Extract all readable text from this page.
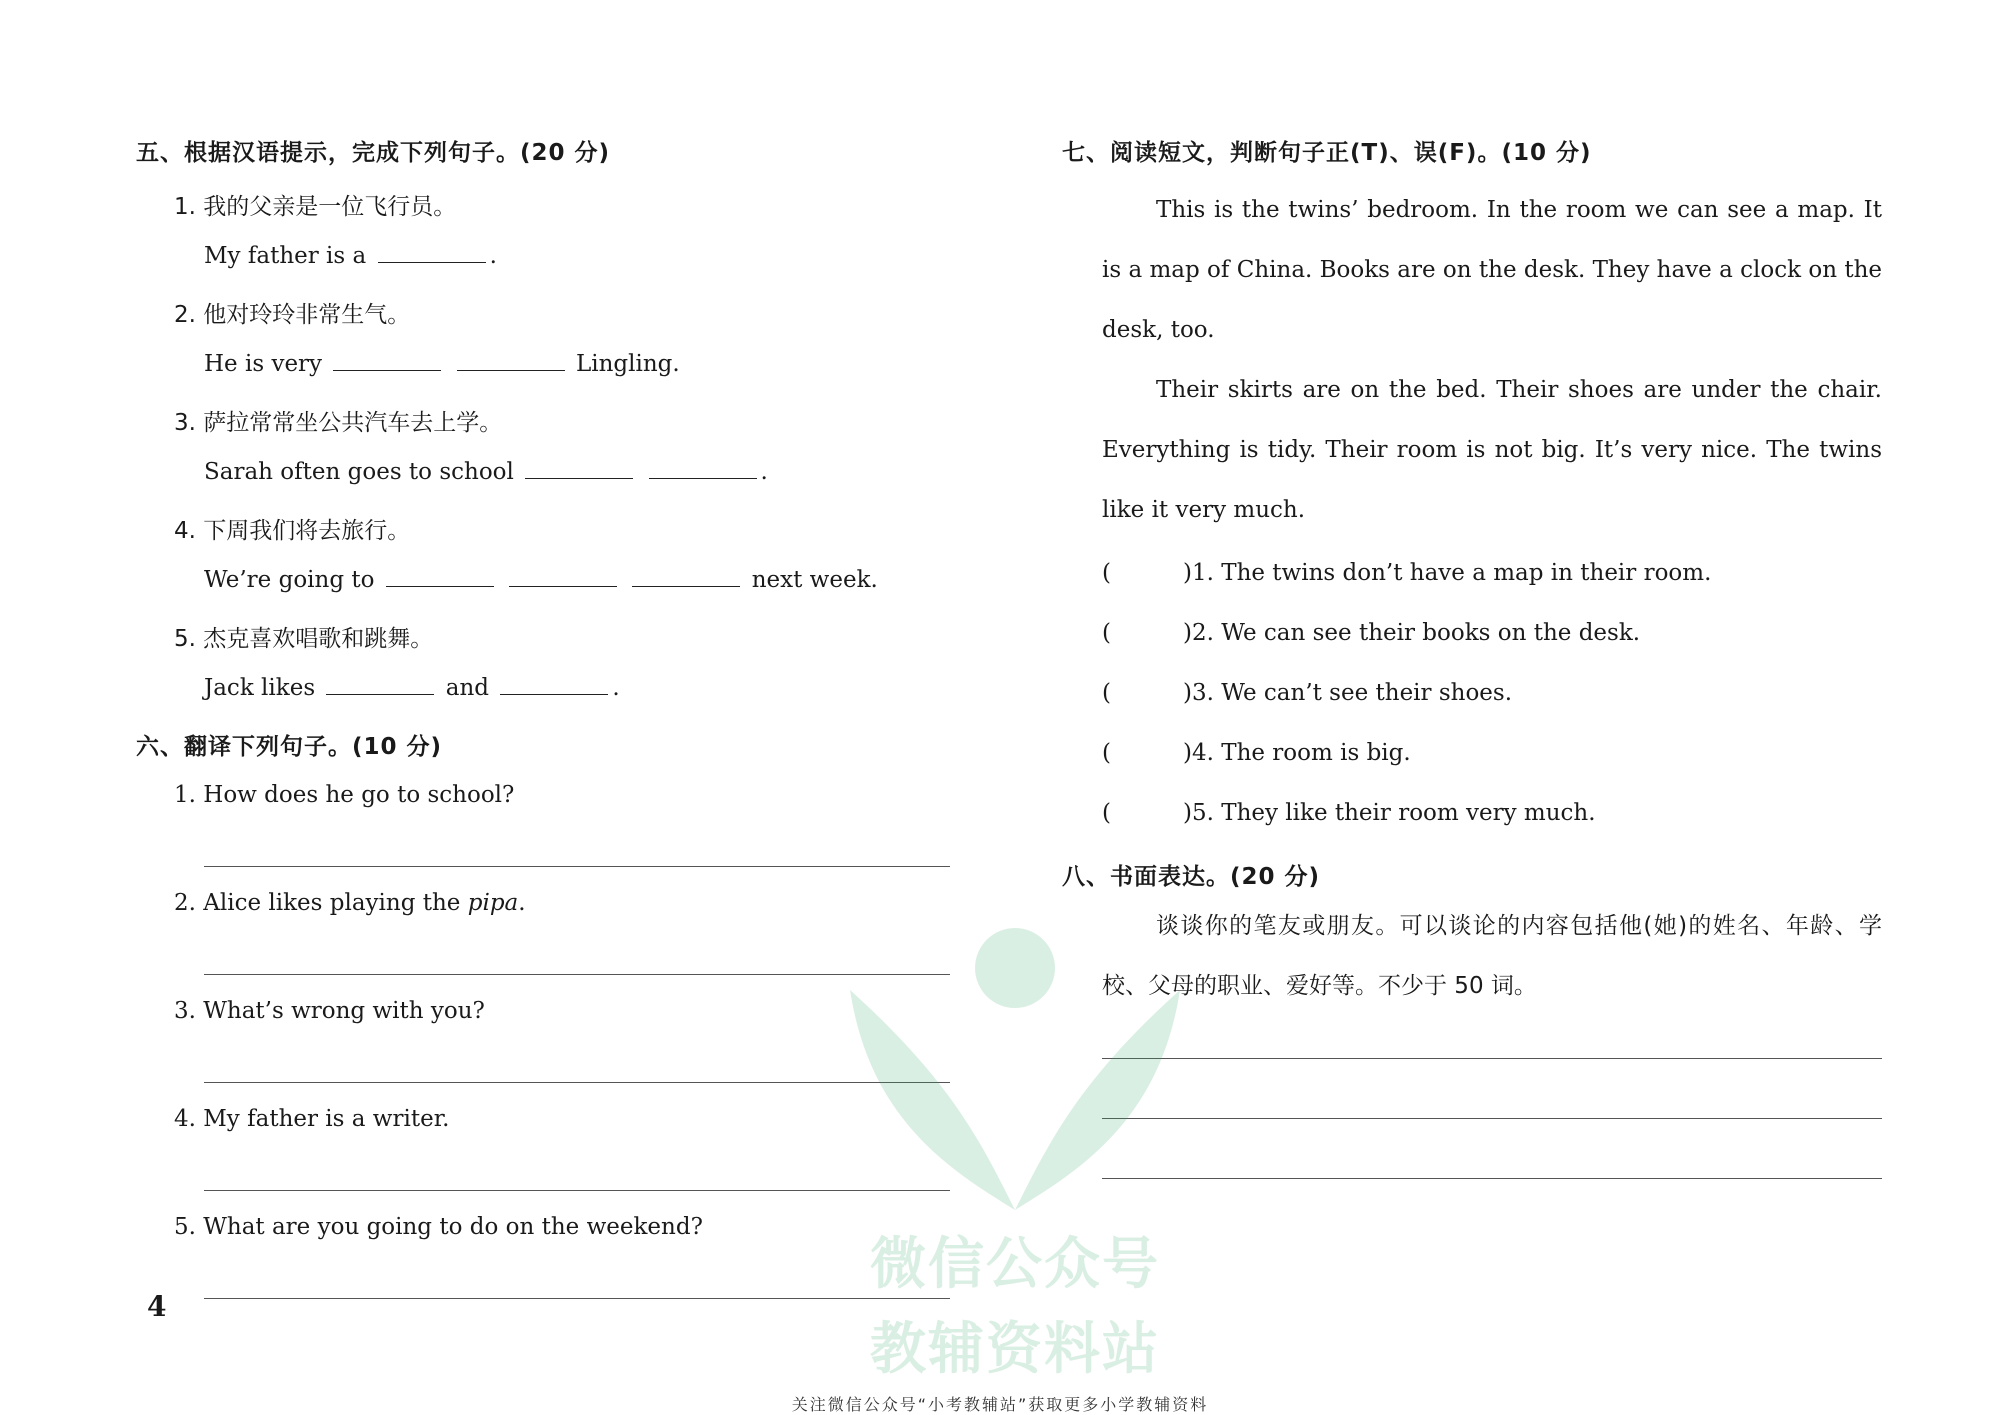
五、根据汉语提示，完成下列句子。(20 分)
1. 我的父亲是一位飞行员。
My father is a	.
2. 他对玲玲非常生气。
He is very	Lingling.
3. 萨拉常常坐公共汽车去上学。
Sarah often goes to school	.
4. 下周我们将去旅行。
We’re going to	next week.
5. 杰克喜欢唱歌和跳舞。
Jack likes	and	.
六、翻译下列句子。(10 分)
1. How does he go to school?
2. Alice likes playing the pipa.
3. What’s wrong with you?
4. My father is a writer.
5. What are you going to do on the weekend?
4
七、阅读短文，判断句子正(T)、误(F)。(10 分)
This is the twins’ bedroom. In the room we can see a map. It is a map of China. Books are on the desk. They have a clock on the desk, too.
Their skirts are on the bed. Their shoes are under the chair. Everything is tidy. Their room is not big. It’s very nice. The twins like it very much.
(	)1. The twins don’t have a map in their room.
(	)2. We can see their books on the desk.
(	)3. We can’t see their shoes.
(	)4. The room is big.
(	)5. They like their room very much.
八、书面表达。(20 分)
谈谈你的笔友或朋友。可以谈论的内容包括他(她)的姓名、年龄、学校、父母的职业、爱好等。不少于 50 词。
微信公众号
教辅资料站
关注微信公众号“小考教辅站”获取更多小学教辅资料
